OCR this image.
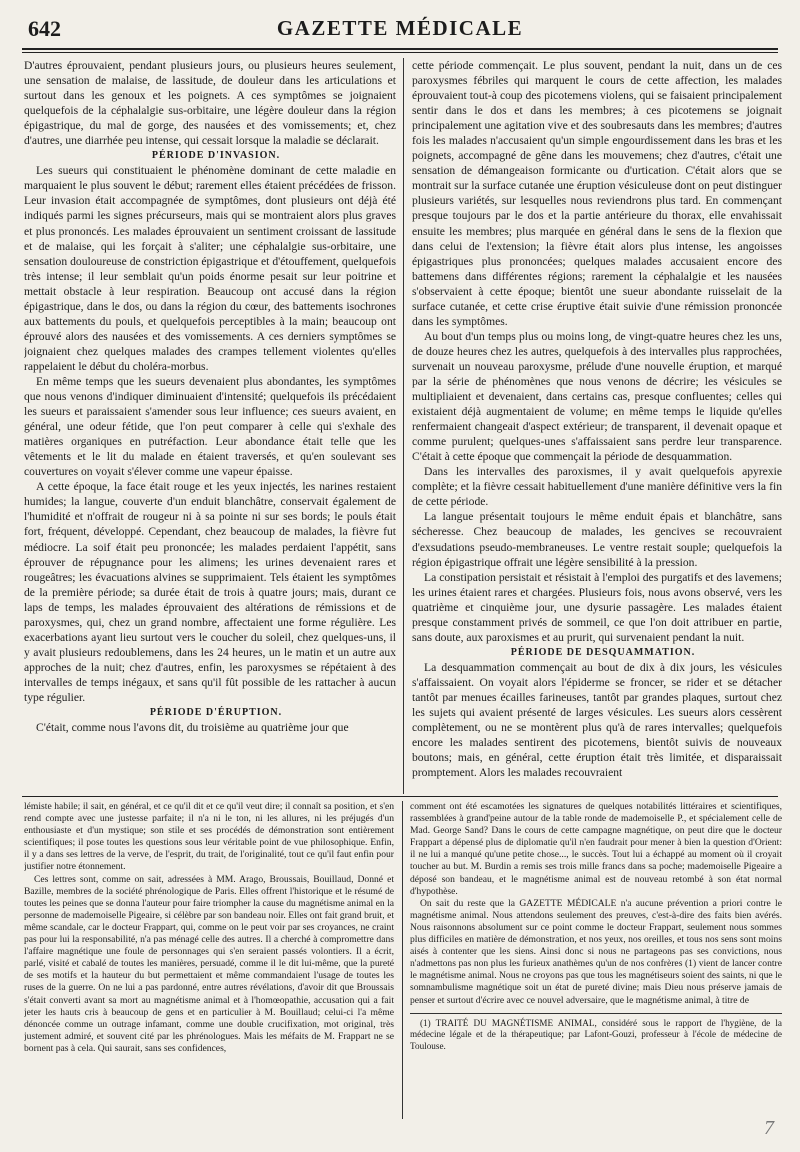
642	GAZETTE MÉDICALE

D'autres éprouvaient, pendant plusieurs jours, ou plusieurs heures seulement, une sensation de malaise, de lassitude, de douleur dans les articulations et surtout dans les genoux et les poignets. A ces symptômes se joignaient quelquefois de la céphalalgie sus-orbitaire, une légère douleur dans la région épigastrique, du mal de gorge, des nausées et des vomissements; et, chez d'autres, une diarrhée peu intense, qui cessait lorsque la maladie se déclarait.

PÉRIODE D'INVASION.

Les sueurs qui constituaient le phénomène dominant de cette maladie en marquaient le plus souvent le début; rarement elles étaient précédées de frisson. Leur invasion était accompagnée de symptômes, dont plusieurs ont déjà été indiqués parmi les signes précurseurs, mais qui se montraient alors plus graves et plus prononcés. Les malades éprouvaient un sentiment croissant de lassitude et de malaise, qui les forçait à s'aliter; une céphalalgie sus-orbitaire, une sensation douloureuse de constriction épigastrique et d'étouffement, quelquefois très intense; il leur semblait qu'un poids énorme pesait sur leur poitrine et mettait obstacle à leur respiration. Beaucoup ont accusé dans la région épigastrique, dans le dos, ou dans la région du cœur, des battements isochrones aux battements du pouls, et quelquefois perceptibles à la main; beaucoup ont éprouvé alors des nausées et des vomissements. A ces derniers symptômes se joignaient chez quelques malades des crampes tellement violentes qu'elles rappelaient le début du choléra-morbus.

En même temps que les sueurs devenaient plus abondantes, les symptômes que nous venons d'indiquer diminuaient d'intensité; quelquefois ils précédaient les sueurs et paraissaient s'amender sous leur influence; ces sueurs avaient, en général, une odeur fétide, que l'on peut comparer à celle qui s'exhale des matières organiques en putréfaction. Leur abondance était telle que les vêtements et le lit du malade en étaient traversés, et qu'en soulevant ses couvertures on voyait s'élever comme une vapeur épaisse.

A cette époque, la face était rouge et les yeux injectés, les narines restaient humides; la langue, couverte d'un enduit blanchâtre, conservait également de l'humidité et n'offrait de rougeur ni à sa pointe ni sur ses bords; le pouls était fort, fréquent, développé. Cependant, chez beaucoup de malades, la fièvre fut médiocre. La soif était peu prononcée; les malades perdaient l'appétit, sans éprouver de répugnance pour les alimens; les urines devenaient rares et rougeâtres; les évacuations alvines se supprimaient. Tels étaient les symptômes de la première période; sa durée était de trois à quatre jours; mais, durant ce laps de temps, les malades éprouvaient des altérations de rémissions et de paroxysmes, qui, chez un grand nombre, affectaient une forme régulière. Les exacerbations ayant lieu surtout vers le coucher du soleil, chez quelques-uns, il y avait plusieurs redoublemens, dans les 24 heures, un le matin et un autre aux approches de la nuit; chez d'autres, enfin, les paroxysmes se répétaient à des intervalles de temps inégaux, et sans qu'il fût possible de les rattacher à aucun type régulier.

PÉRIODE D'ÉRUPTION.

C'était, comme nous l'avons dit, du troisième au quatrième jour que

cette période commençait. Le plus souvent, pendant la nuit, dans un de ces paroxysmes fébriles qui marquent le cours de cette affection, les malades éprouvaient tout-à coup des picotemens violens, qui se faisaient principalement sentir dans le dos et dans les membres; à ces picotemens se joignait principalement une agitation vive et des soubresauts dans les membres; d'autres fois les malades n'accusaient qu'un simple engourdissement dans les bras et les poignets, accompagné de gêne dans les mouvemens; chez d'autres, c'était une sensation de démangeaison formicante ou d'urtication. C'était alors que se montrait sur la surface cutanée une éruption vésiculeuse dont on peut distinguer plusieurs variétés, sur lesquelles nous reviendrons plus tard. En commençant presque toujours par le dos et la partie antérieure du thorax, elle envahissait ensuite les membres; plus marquée en général dans le sens de la flexion que dans celui de l'extension; la fièvre était alors plus intense, les angoisses épigastriques plus prononcées; quelques malades accusaient encore des battemens dans différentes régions; rarement la céphalalgie et les nausées s'observaient à cette époque; bientôt une sueur abondante ruisselait de la surface cutanée, et cette crise éruptive était suivie d'une rémission prononcée dans les symptômes.

Au bout d'un temps plus ou moins long, de vingt-quatre heures chez les uns, de douze heures chez les autres, quelquefois à des intervalles plus rapprochées, survenait un nouveau paroxysme, prélude d'une nouvelle éruption, et marqué par la série de phénomènes que nous venons de décrire; les vésicules se multipliaient et devenaient, dans certains cas, presque confluentes; celles qui existaient déjà augmentaient de volume; en même temps le liquide qu'elles renfermaient changeait d'aspect extérieur; de transparent, il devenait opaque et comme purulent; quelques-unes s'affaissaient sans perdre leur transparence. C'était à cette époque que commençait la période de desquammation.

Dans les intervalles des paroxismes, il y avait quelquefois apyrexie complète; et la fièvre cessait habituellement d'une manière définitive vers la fin de cette période.

La langue présentait toujours le même enduit épais et blanchâtre, sans sécheresse. Chez beaucoup de malades, les gencives se recouvraient d'exsudations pseudo-membraneuses. Le ventre restait souple; quelquefois la région épigastrique offrait une légère sensibilité à la pression.

La constipation persistait et résistait à l'emploi des purgatifs et des lavemens; les urines étaient rares et chargées. Plusieurs fois, nous avons observé, vers les quatrième et cinquième jour, une dysurie passagère. Les malades étaient presque constamment privés de sommeil, ce que l'on doit attribuer en partie, sans doute, aux paroxismes et au prurit, qui survenaient pendant la nuit.

PÉRIODE DE DESQUAMMATION.

La desquammation commençait au bout de dix à dix jours, les vésicules s'affaissaient. On voyait alors l'épiderme se froncer, se rider et se détacher tantôt par menues écailles farineuses, tantôt par grandes plaques, surtout chez les sujets qui avaient présenté de larges vésicules. Les sueurs alors cessèrent complètement, ou ne se montèrent plus qu'à de rares intervalles; quelquefois encore les malades sentirent des picotemens, bientôt suivis de nouveaux boutons; mais, en général, cette éruption était très limitée, et disparaissait promptement. Alors les malades recouvraient

lémiste habile; il sait, en général, et ce qu'il dit et ce qu'il veut dire; il connaît sa position, et s'en rend compte avec une justesse parfaite; il n'a ni le ton, ni les allures, ni les préjugés d'un enthousiaste et d'un mystique; son stile et ses procédés de démonstration sont entièrement scientifiques; il pose toutes les questions sous leur véritable point de vue philosophique. Enfin, il y a dans ses lettres de la verve, de l'esprit, du trait, de l'originalité, tout ce qu'il faut enfin pour justifier notre étonnement.

Ces lettres sont, comme on sait, adressées à MM. Arago, Broussais, Bouillaud, Donné et Bazille, membres de la société phrénologique de Paris. Elles offrent l'historique et le résumé de toutes les peines que se donna l'auteur pour faire triompher la cause du magnétisme animal en la personne de mademoiselle Pigeaire, si célèbre par son bandeau noir. Elles ont fait grand bruit, et même scandale, car le docteur Frappart, qui, comme on le peut voir par ses croyances, ne craint pas pour lui la responsabilité, n'a pas ménagé celle des autres. Il a cherché à compromettre dans l'affaire magnétique une foule de personnages qui s'en seraient passés volontiers. Il a écrit, parlé, visité et cabalé de toutes les manières, persuadé, comme il le dit lui-même, que la pureté de ses motifs et la hauteur du but permettaient et même commandaient l'usage de toutes les ruses de la guerre. On ne lui a pas pardonné, entre autres révélations, d'avoir dit que Broussais s'était converti avant sa mort au magnétisme animal et à l'homœopathie, accusation qui a fait jeter les hauts cris à beaucoup de gens et en particulier à M. Bouillaud; celui-ci l'a même dénoncée comme un outrage infamant, comme une double crucifixation, mot original, très justement admiré, et souvent cité par les phrénologues. Mais les méfaits de M. Frappart ne se bornent pas à cela. Qui saurait, sans ses confidences,

comment ont été escamotées les signatures de quelques notabilités littéraires et scientifiques, rassemblées à grand'peine autour de la table ronde de mademoiselle P., et spécialement celle de Mad. George Sand? Dans le cours de cette campagne magnétique, on peut dire que le docteur Frappart a dépensé plus de diplomatie qu'il n'en faudrait pour mener à bien la question d'Orient: il ne lui a manqué qu'une petite chose..., le succès. Tout lui a échappé au moment où il croyait toucher au but. M. Burdin a remis ses trois mille francs dans sa poche; mademoiselle Pigeaire a déposé son bandeau, et le magnétisme animal est de nouveau retombé à son état normal d'hypothèse.

On sait du reste que la GAZETTE MÉDICALE n'a aucune prévention a priori contre le magnétisme animal. Nous attendons seulement des preuves, c'est-à-dire des faits bien avérés. Nous raisonnons absolument sur ce point comme le docteur Frappart, seulement nous sommes plus difficiles en matière de démonstration, et nos yeux, nos oreilles, et tous nos sens sont moins aisés à contenter que les siens. Ainsi donc si nous ne partageons pas ses convictions, nous n'admettons pas non plus les furieux anathèmes qu'un de nos confrères (1) vient de lancer contre le magnétisme animal. Nous ne croyons pas que tous les magnétiseurs soient des saints, ni que le somnambulisme magnétique soit un état de pureté divine; mais Dieu nous préserve jamais de penser et surtout d'écrire avec ce nouvel adversaire, que le magnétisme animal, à titre de

(1) TRAITÉ DU MAGNÉTISME ANIMAL, considéré sous le rapport de l'hygiène, de la médecine légale et de la thérapeutique; par Lafont-Gouzi, professeur à l'école de médecine de Toulouse.

7
